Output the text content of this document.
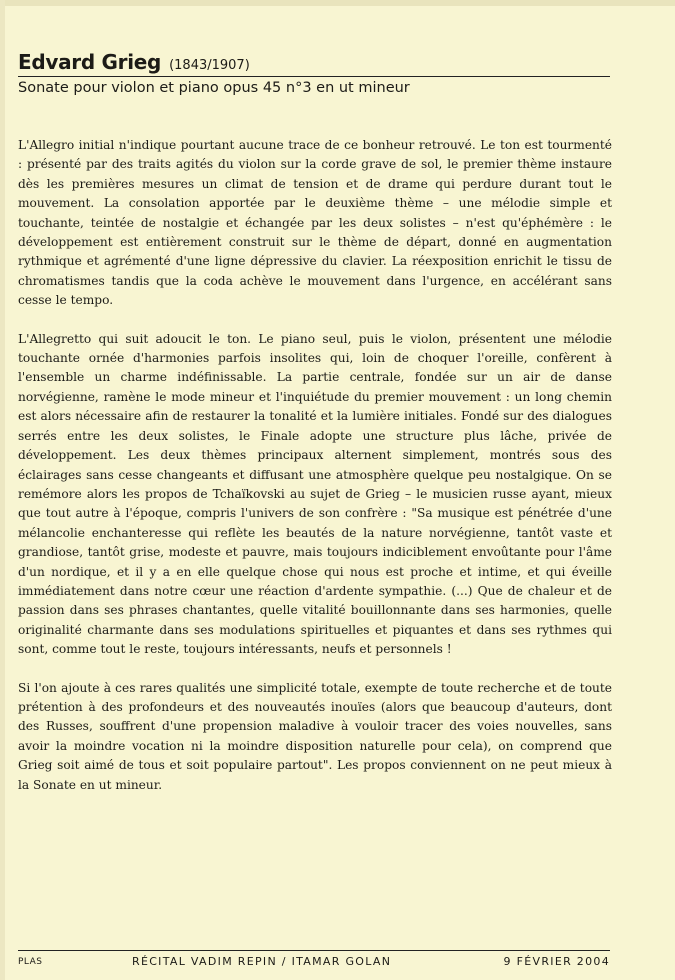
Edvard Grieg (1843/1907)
Sonate pour violon et piano opus 45 n°3 en ut mineur

L'Allegro initial n'indique pourtant aucune trace de ce bonheur retrouvé. Le ton est tourmenté : présenté par des traits agités du violon sur la corde grave de sol, le premier thème instaure dès les premières mesures un climat de tension et de drame qui perdure durant tout le mouvement. La consolation apportée par le deuxième thème – une mélodie simple et touchante, teintée de nostalgie et échangée par les deux solistes – n'est qu'éphémère : le développement est entièrement construit sur le thème de départ, donné en augmentation rythmique et agrémenté d'une ligne dépressive du clavier. La réexposition enrichit le tissu de chromatismes tandis que la coda achève le mouvement dans l'urgence, en accélérant sans cesse le tempo.

L'Allegretto qui suit adoucit le ton. Le piano seul, puis le violon, présentent une mélodie touchante ornée d'harmonies parfois insolites qui, loin de choquer l'oreille, confèrent à l'ensemble un charme indéfinissable. La partie centrale, fondée sur un air de danse norvégienne, ramène le mode mineur et l'inquiétude du premier mouvement : un long chemin est alors nécessaire afin de restaurer la tonalité et la lumière initiales. Fondé sur des dialogues serrés entre les deux solistes, le Finale adopte une structure plus lâche, privée de développement. Les deux thèmes principaux alternent simplement, montrés sous des éclairages sans cesse changeants et diffusant une atmosphère quelque peu nostalgique. On se remémore alors les propos de Tchaïkovski au sujet de Grieg – le musicien russe ayant, mieux que tout autre à l'époque, compris l'univers de son confrère : "Sa musique est pénétrée d'une mélancolie enchanteresse qui reflète les beautés de la nature norvégienne, tantôt vaste et grandiose, tantôt grise, modeste et pauvre, mais toujours indiciblement envoûtante pour l'âme d'un nordique, et il y a en elle quelque chose qui nous est proche et intime, et qui éveille immédiatement dans notre cœur une réaction d'ardente sympathie. (...) Que de chaleur et de passion dans ses phrases chantantes, quelle vitalité bouillonnante dans ses harmonies, quelle originalité charmante dans ses modulations spirituelles et piquantes et dans ses rythmes qui sont, comme tout le reste, toujours intéressants, neufs et personnels !

Si l'on ajoute à ces rares qualités une simplicité totale, exempte de toute recherche et de toute prétention à des profondeurs et des nouveautés inouïes (alors que beaucoup d'auteurs, dont des Russes, souffrent d'une propension maladive à vouloir tracer des voies nouvelles, sans avoir la moindre vocation ni la moindre disposition naturelle pour cela), on comprend que Grieg soit aimé de tous et soit populaire partout". Les propos conviennent on ne peut mieux à la Sonate en ut mineur.

PLAS	RÉCITAL VADIM REPIN / ITAMAR GOLAN	9 FÉVRIER 2004
